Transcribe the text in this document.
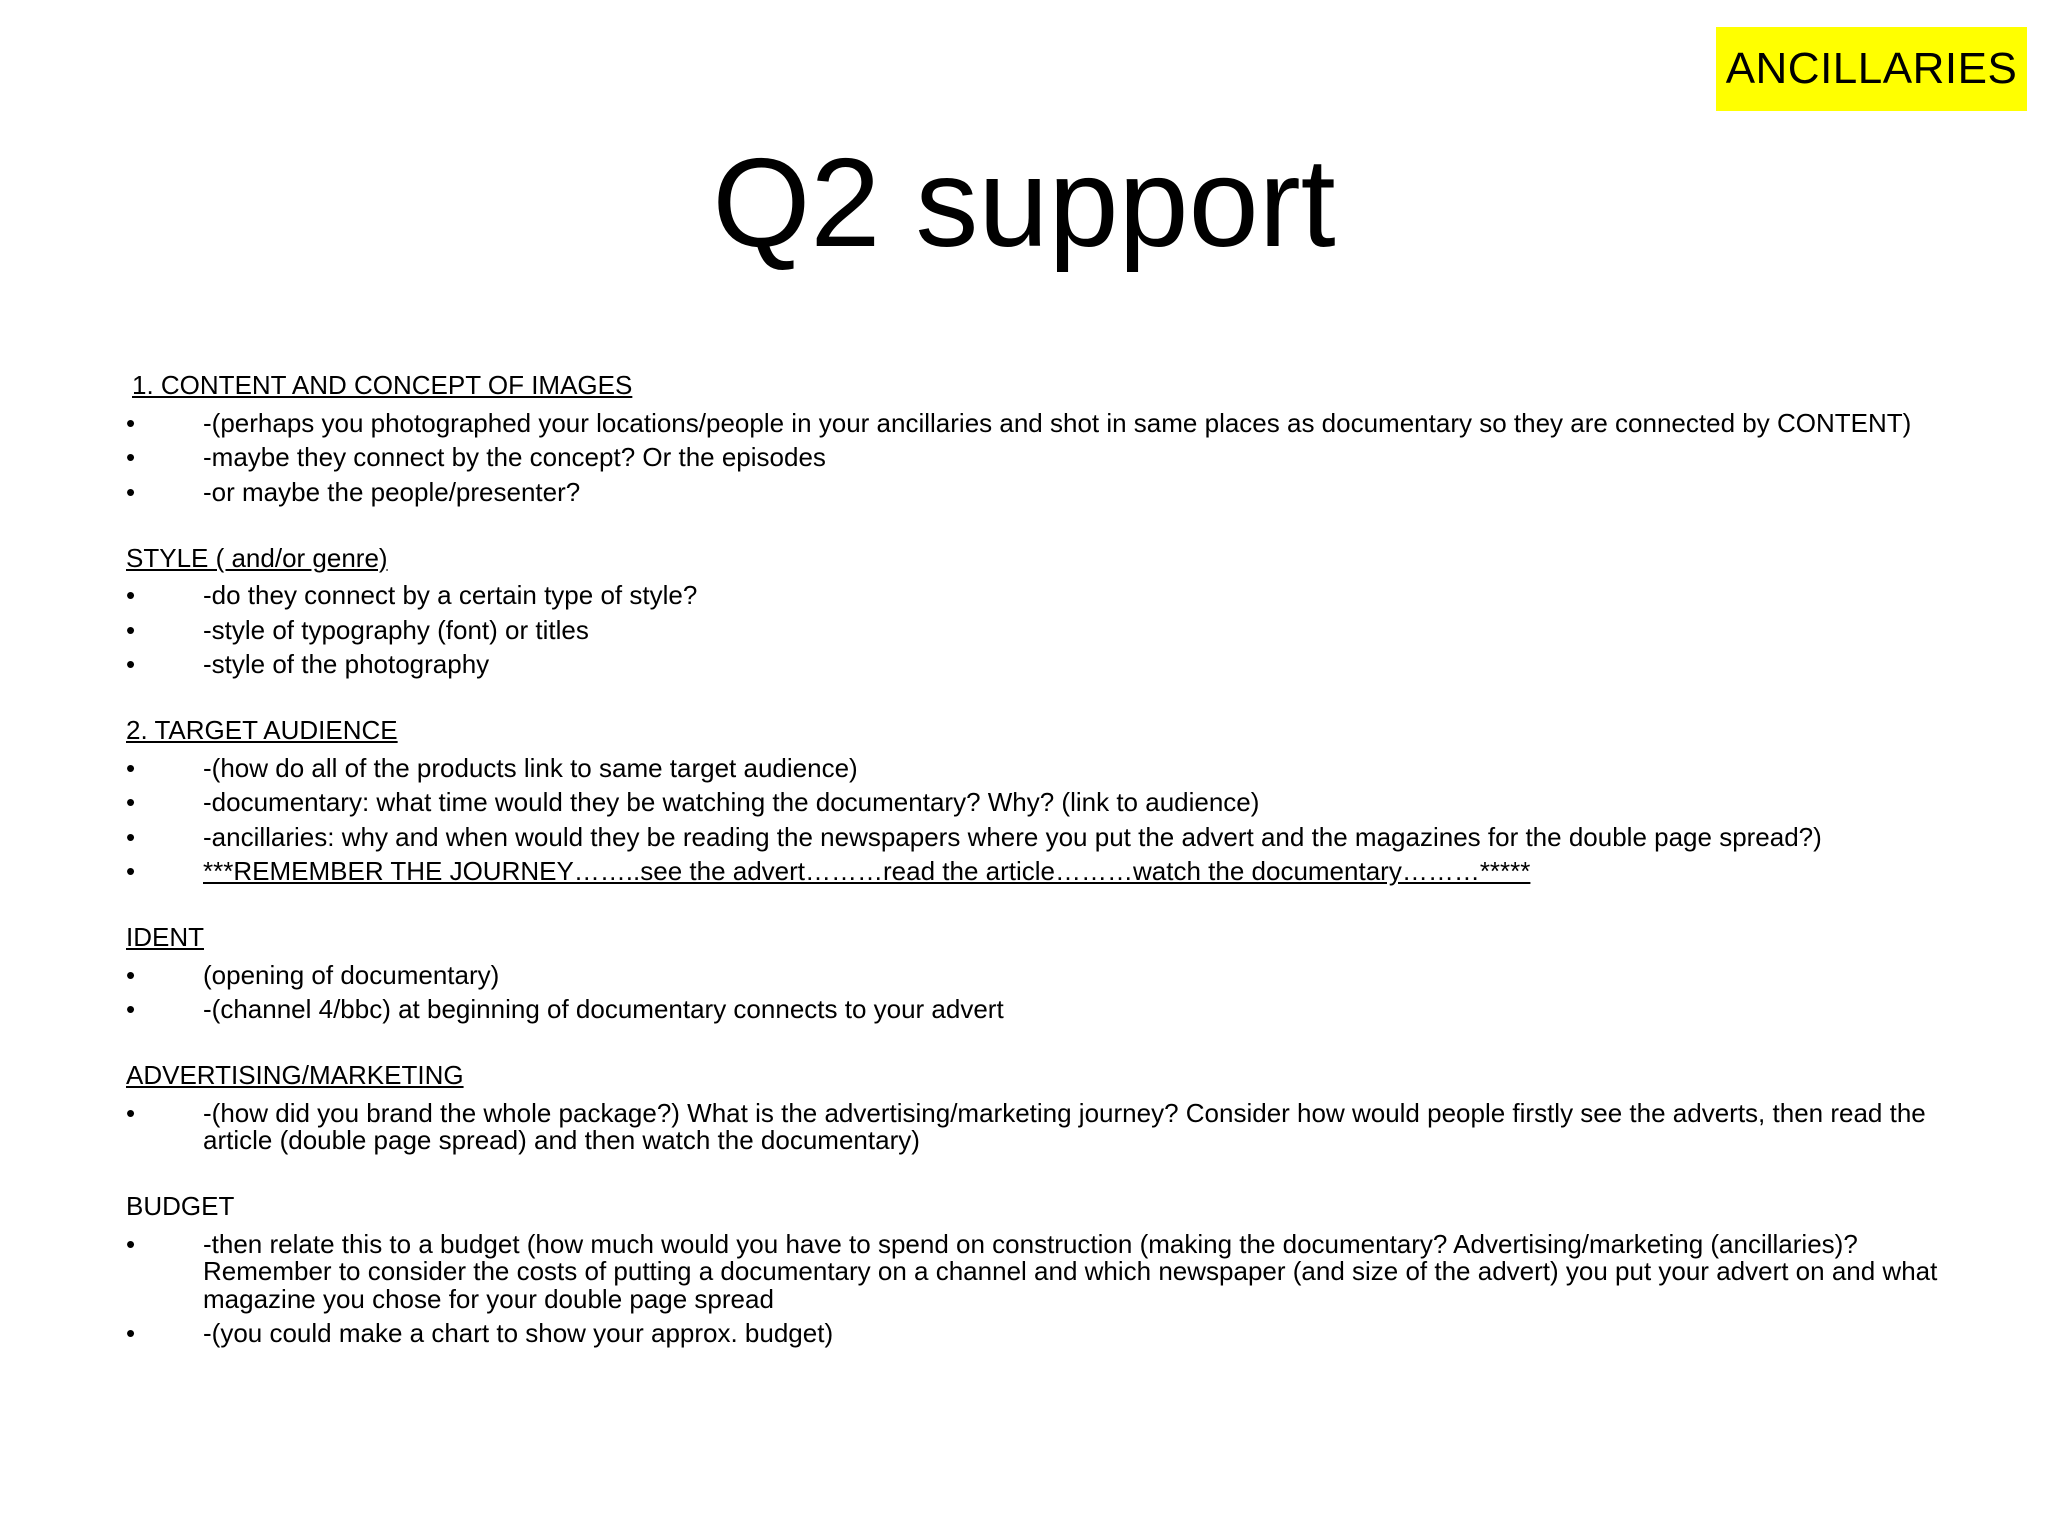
ANCILLARIES
Q2 support
1. CONTENT AND CONCEPT OF IMAGES
•	-(perhaps you photographed your locations/people in your ancillaries and shot in same places as documentary so they are connected by CONTENT)
•	-maybe they connect by the concept? Or the episodes
•	-or maybe the people/presenter?
STYLE ( and/or genre)
•	-do they connect by a certain type of style?
•	-style of typography (font) or titles
•	-style of the photography
2. TARGET AUDIENCE
•	-(how do all of the products link to same target audience)
•	-documentary: what time would they be watching the documentary? Why? (link to audience)
•	-ancillaries: why and when would they be reading the newspapers where you put the advert and the magazines for the double page spread?)
•	***REMEMBER THE JOURNEY……..see the advert………read the article………watch the documentary………*****
IDENT
•	(opening of documentary)
•	-(channel 4/bbc) at beginning of documentary connects to your advert
ADVERTISING/MARKETING
•	-(how did you brand the whole package?) What is the advertising/marketing journey? Consider how would people firstly see the adverts, then read the article (double page spread) and then watch the documentary)
BUDGET
•	-then relate this to a budget (how much would you have to spend on construction (making the documentary? Advertising/marketing (ancillaries)? Remember to consider the costs of putting a documentary on a channel and which newspaper (and size of the advert) you put your advert on and what magazine you chose for your double page spread
•	-(you could make a chart to show your approx. budget)
